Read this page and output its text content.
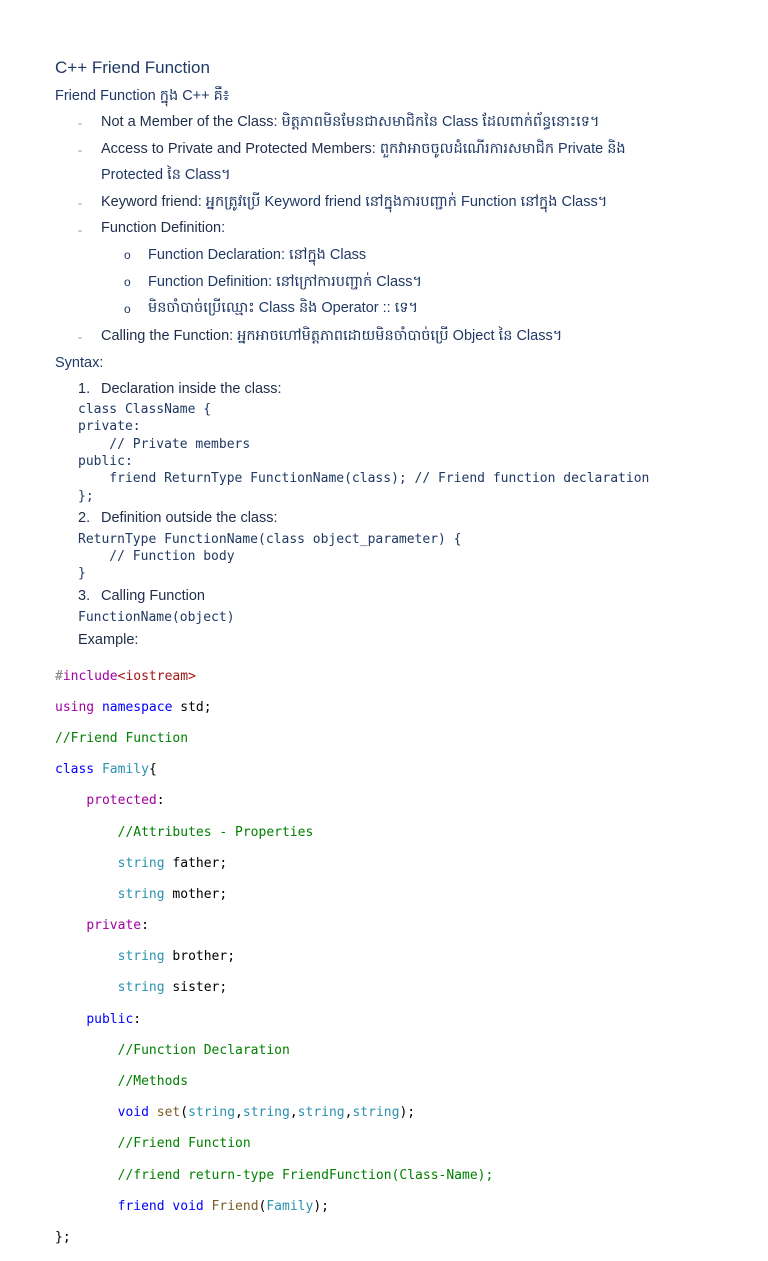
C++ Friend Function
Friend Function ក្នុង C++ គឺ៖
- Not a Member of the Class: មិត្តភាពមិនមែនជាសមាជិកនៃ Class ដែលពាក់ព័ន្ធនោះទេ។
- Access to Private and Protected Members: ពួកវាអាចចូលដំណើរការសមាជិក Private និង
Protected នៃ Class។
- Keyword friend: អ្នកត្រូវប្រើ Keyword friend នៅក្នុងការបញ្ជាក់ Function នៅក្នុង Class។
- Function Definition:
o Function Declaration: នៅក្នុង Class
o Function Definition: នៅក្រៅការបញ្ជាក់ Class។
o មិនចាំបាច់ប្រើឈ្មោះ Class និង Operator :: ទេ។
- Calling the Function: អ្នកអាចហៅមិត្តភាពដោយមិនចាំបាច់ប្រើ Object នៃ Class។
Syntax:
1. Declaration inside the class:
class ClassName {
private:
// Private members
public:
friend ReturnType FunctionName(class); // Friend function declaration
};
2. Definition outside the class:
ReturnType FunctionName(class object_parameter) {
// Function body
}
3. Calling Function
FunctionName(object)
Example:

#include<iostream>

using namespace std;

//Friend Function

class Family{

protected:

//Attributes - Properties

string father;

string mother;

private:

string brother;

string sister;

public:

//Function Declaration

//Methods

void set(string,string,string,string);

//Friend Function

//friend return-type FriendFunction(Class-Name);

friend void Friend(Family);

};
